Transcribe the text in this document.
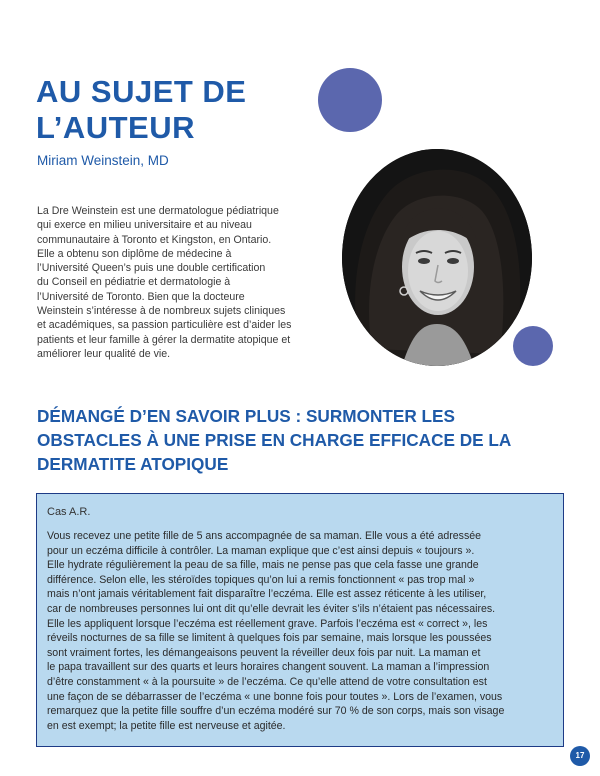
AU SUJET DE
L’AUTEUR
Miriam Weinstein, MD
La Dre Weinstein est une dermatologue pédiatrique
qui exerce en milieu universitaire et au niveau
communautaire à Toronto et Kingston, en Ontario.
Elle a obtenu son diplôme de médecine à
l’Université Queen’s puis une double certification
du Conseil en pédiatrie et dermatologie à
l’Université de Toronto. Bien que la docteure
Weinstein s’intéresse à de nombreux sujets cliniques
et académiques, sa passion particulière est d’aider les
patients et leur famille à gérer la dermatite atopique et
améliorer leur qualité de vie.
DÉMANGÉ D’EN SAVOIR PLUS : SURMONTER LES
OBSTACLES À UNE PRISE EN CHARGE EFFICACE DE LA
DERMATITE ATOPIQUE
Cas A.R.
Vous recevez une petite fille de 5 ans accompagnée de sa maman. Elle vous a été adressée
pour un eczéma difficile à contrôler. La maman explique que c’est ainsi depuis « toujours ».
Elle hydrate régulièrement la peau de sa fille, mais ne pense pas que cela fasse une grande
différence. Selon elle, les stéroïdes topiques qu’on lui a remis fonctionnent « pas trop mal »
mais n’ont jamais véritablement fait disparaître l’eczéma. Elle est assez réticente à les utiliser,
car de nombreuses personnes lui ont dit qu’elle devrait les éviter s’ils n’étaient pas nécessaires.
Elle les appliquent lorsque l’eczéma est réellement grave. Parfois l’eczéma est « correct », les
réveils nocturnes de sa fille se limitent à quelques fois par semaine, mais lorsque les poussées
sont vraiment fortes, les démangeaisons peuvent la réveiller deux fois par nuit. La maman et
le papa travaillent sur des quarts et leurs horaires changent souvent. La maman a l’impression
d’être constamment « à la poursuite » de l’eczéma. Ce qu’elle attend de votre consultation est
une façon de se débarrasser de l’eczéma « une bonne fois pour toutes ». Lors de l’examen, vous
remarquez que la petite fille souffre d’un eczéma modéré sur 70 % de son corps, mais son visage
en est exempt; la petite fille est nerveuse et agitée.
17
